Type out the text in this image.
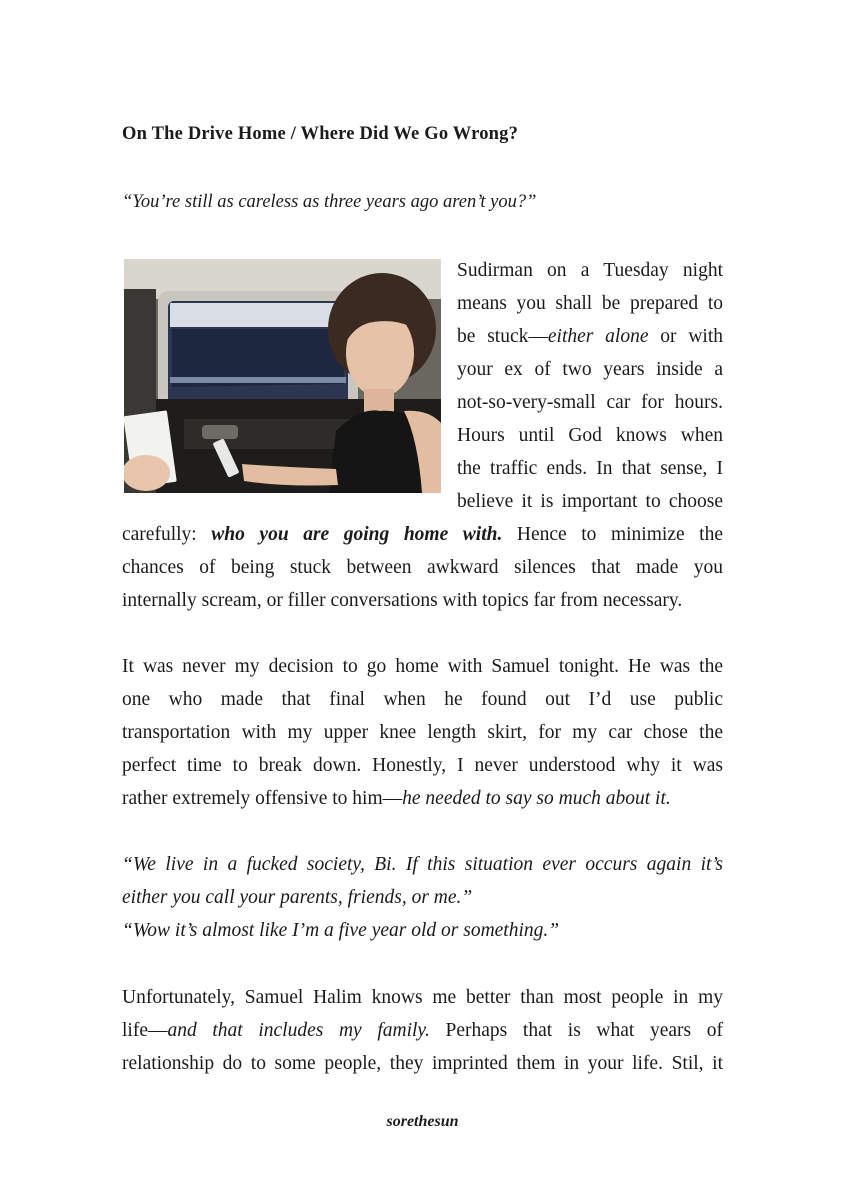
On The Drive Home / Where Did We Go Wrong?
“You’re still as careless as three years ago aren’t you?”
Sudirman on a Tuesday night
means you shall be prepared to
be stuck—either alone or with
your ex of two years inside a
not-so-very-small car for hours.
Hours until God knows when
the traffic ends. In that sense, I
believe it is important to choose
carefully: who you are going home with. Hence to minimize the
chances of being stuck between awkward silences that made you
internally scream, or filler conversations with topics far from necessary.
It was never my decision to go home with Samuel tonight. He was the
one who made that final when he found out I’d use public
transportation with my upper knee length skirt, for my car chose the
perfect time to break down. Honestly, I never understood why it was
rather extremely offensive to him—he needed to say so much about it.
“We live in a fucked society, Bi. If this situation ever occurs again it’s
either you call your parents, friends, or me.”
“Wow it’s almost like I’m a five year old or something.”
Unfortunately, Samuel Halim knows me better than most people in my
life—and that includes my family. Perhaps that is what years of
relationship do to some people, they imprinted them in your life. Stil, it
sorethesun
